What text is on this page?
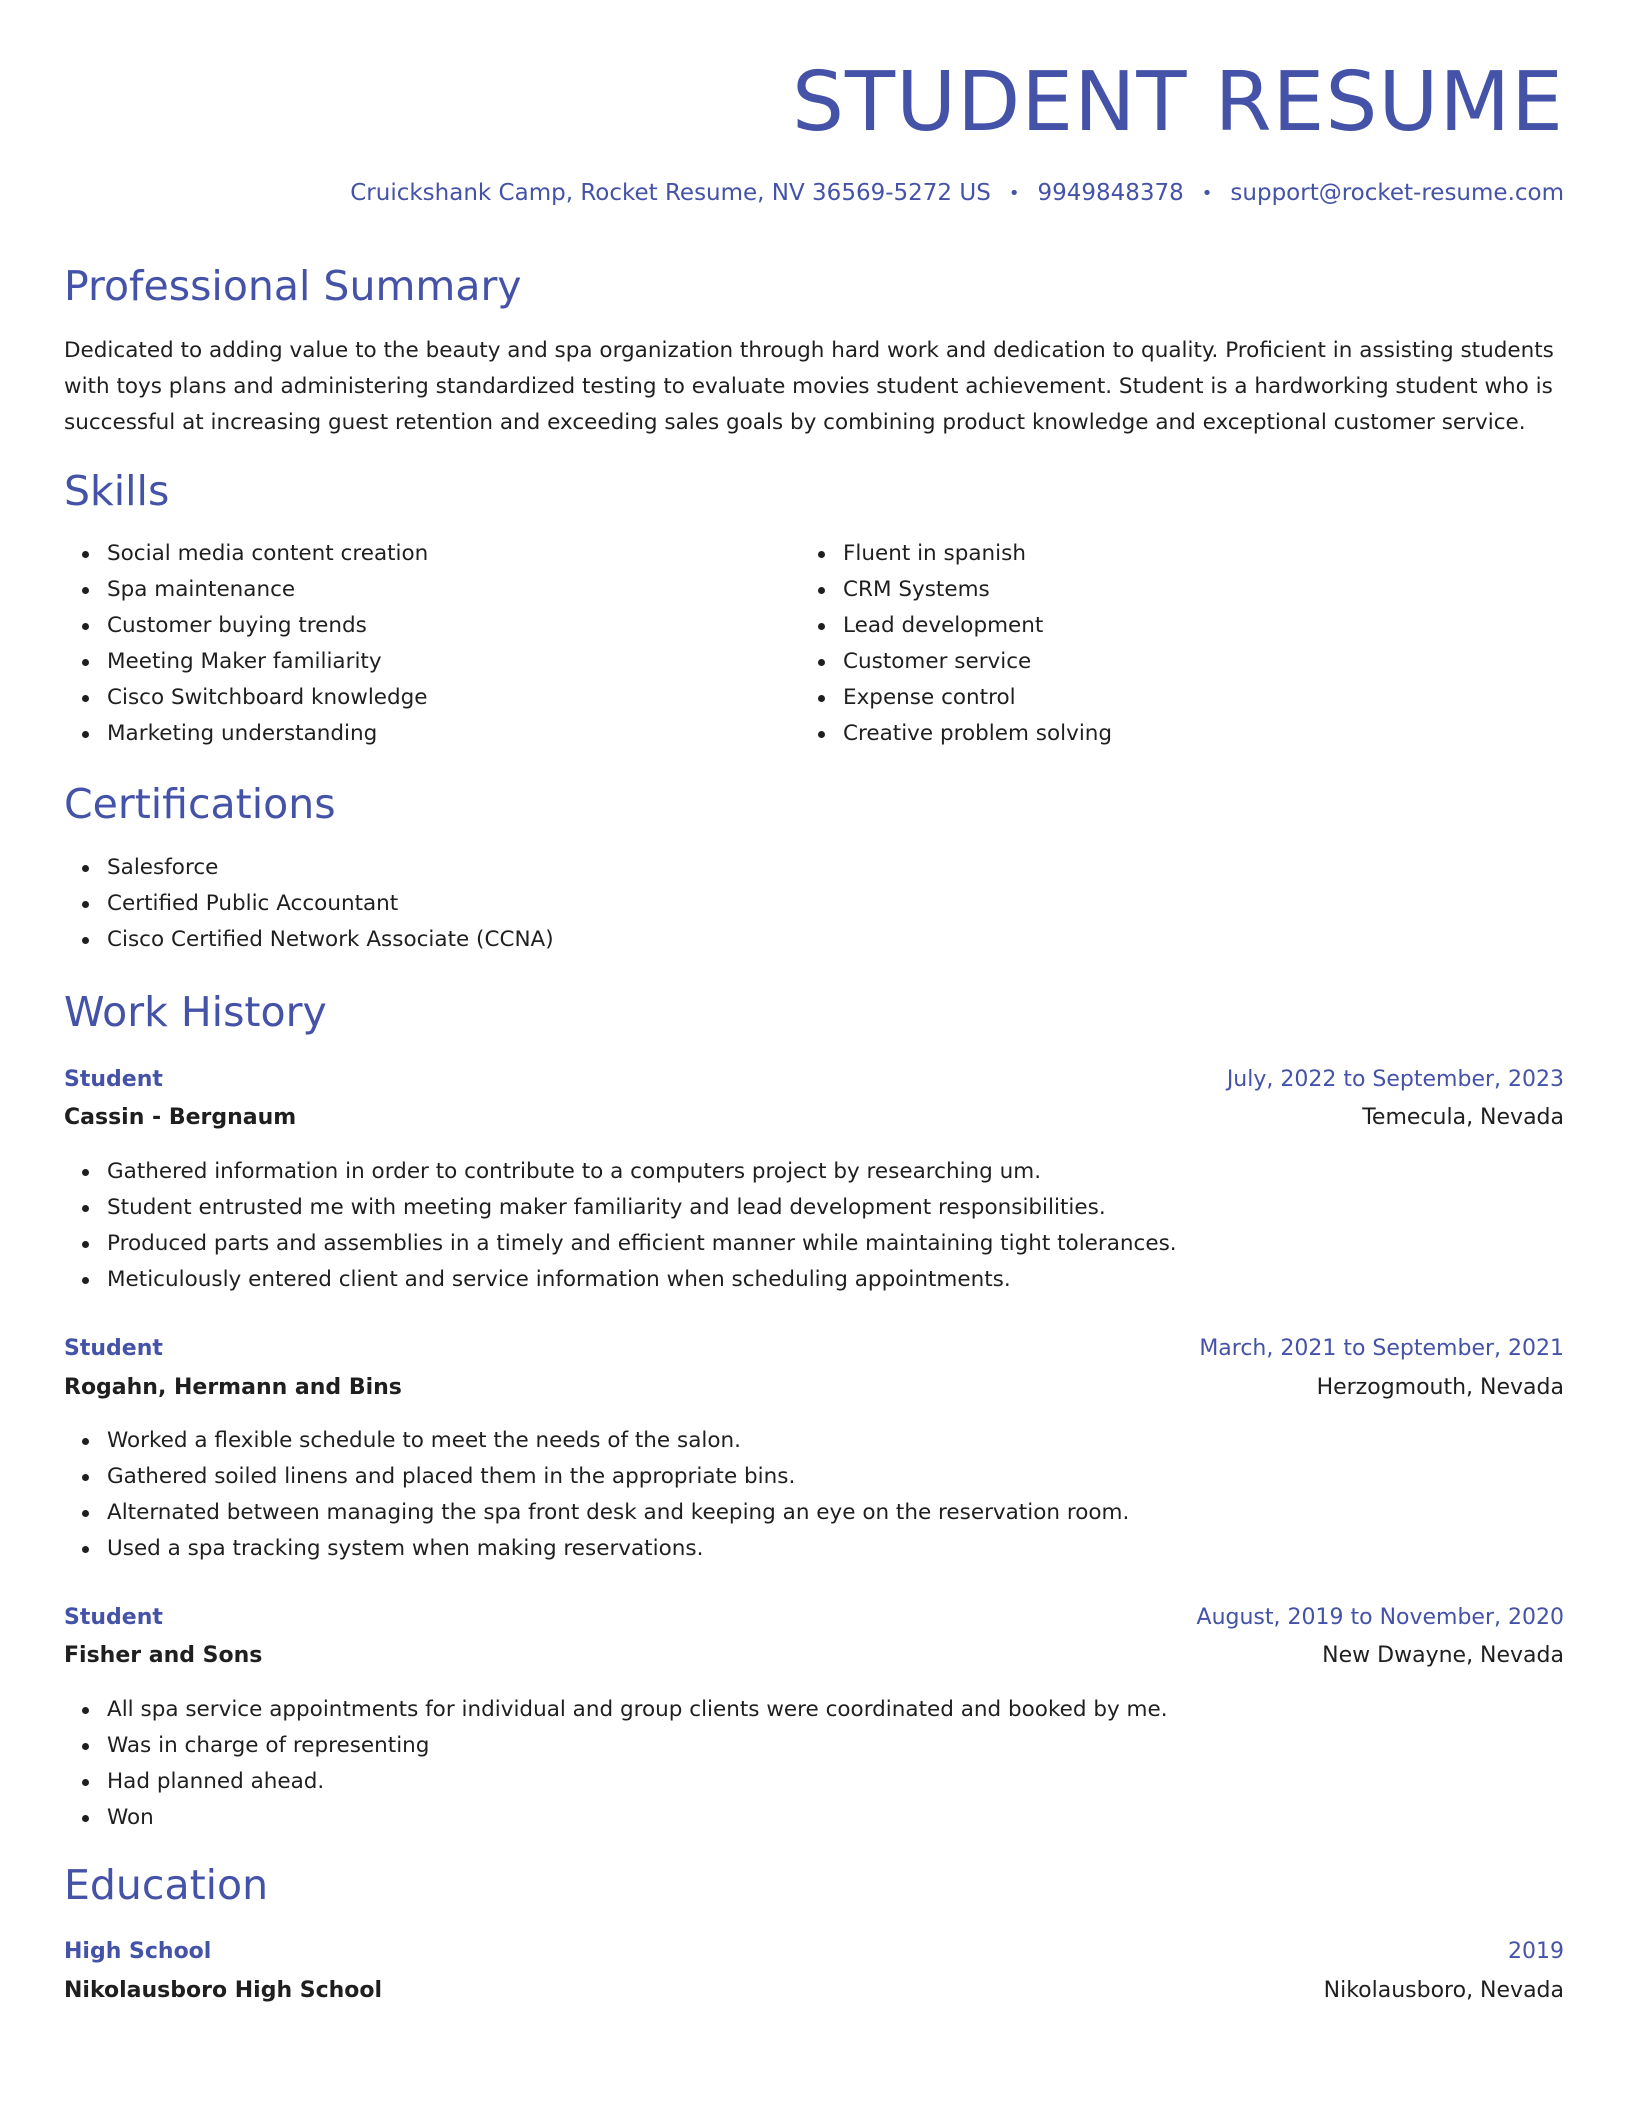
STUDENT RESUME
Cruickshank Camp, Rocket Resume, NV 36569-5272 US • 9949848378 • support@rocket-resume.com
Professional Summary
Dedicated to adding value to the beauty and spa organization through hard work and dedication to quality. Proficient in assisting students with toys plans and administering standardized testing to evaluate movies student achievement. Student is a hardworking student who is successful at increasing guest retention and exceeding sales goals by combining product knowledge and exceptional customer service.
Skills
Social media content creation
Spa maintenance
Customer buying trends
Meeting Maker familiarity
Cisco Switchboard knowledge
Marketing understanding
Fluent in spanish
CRM Systems
Lead development
Customer service
Expense control
Creative problem solving
Certifications
Salesforce
Certified Public Accountant
Cisco Certified Network Associate (CCNA)
Work History
Student	July, 2022 to September, 2023
Cassin - Bergnaum	Temecula, Nevada
Gathered information in order to contribute to a computers project by researching um.
Student entrusted me with meeting maker familiarity and lead development responsibilities.
Produced parts and assemblies in a timely and efficient manner while maintaining tight tolerances.
Meticulously entered client and service information when scheduling appointments.
Student	March, 2021 to September, 2021
Rogahn, Hermann and Bins	Herzogmouth, Nevada
Worked a flexible schedule to meet the needs of the salon.
Gathered soiled linens and placed them in the appropriate bins.
Alternated between managing the spa front desk and keeping an eye on the reservation room.
Used a spa tracking system when making reservations.
Student	August, 2019 to November, 2020
Fisher and Sons	New Dwayne, Nevada
All spa service appointments for individual and group clients were coordinated and booked by me.
Was in charge of representing
Had planned ahead.
Won
Education
High School	2019
Nikolausboro High School	Nikolausboro, Nevada
